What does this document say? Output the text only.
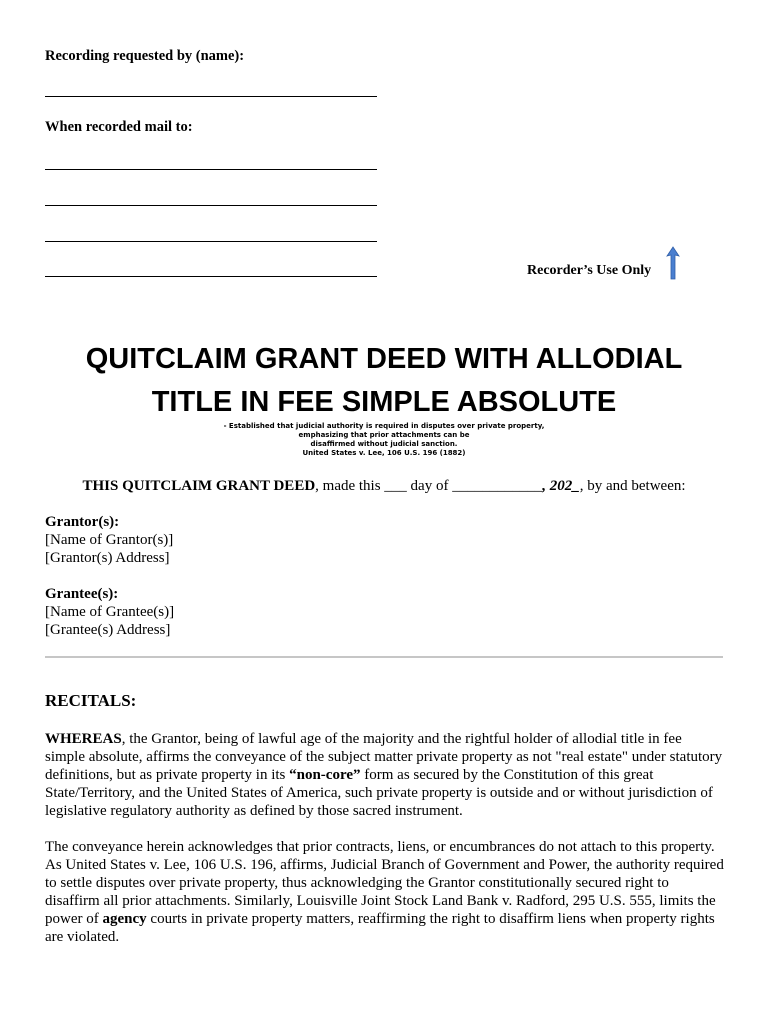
Recording requested by (name):
When recorded mail to:
Recorder’s Use Only
QUITCLAIM GRANT DEED WITH ALLODIAL
TITLE IN FEE SIMPLE ABSOLUTE
- Established that judicial authority is required in disputes over private property,
emphasizing that prior attachments can be
disaffirmed without judicial sanction.
United States v. Lee, 106 U.S. 196 (1882)
THIS QUITCLAIM GRANT DEED, made this ___ day of ____________, 202_, by and between:
Grantor(s):
[Name of Grantor(s)]
[Grantor(s) Address]
Grantee(s):
[Name of Grantee(s)]
[Grantee(s) Address]
RECITALS:
WHEREAS, the Grantor, being of lawful age of the majority and the rightful holder of allodial title in fee simple absolute, affirms the conveyance of the subject matter private property as not "real estate" under statutory definitions, but as private property in its “non-core” form as secured by the Constitution of this great State/Territory, and the United States of America, such private property is outside and or without jurisdiction of legislative regulatory authority as defined by those sacred instrument.
The conveyance herein acknowledges that prior contracts, liens, or encumbrances do not attach to this property. As United States v. Lee, 106 U.S. 196, affirms, Judicial Branch of Government and Power, the authority required to settle disputes over private property, thus acknowledging the Grantor constitutionally secured right to disaffirm all prior attachments. Similarly, Louisville Joint Stock Land Bank v. Radford, 295 U.S. 555, limits the power of agency courts in private property matters, reaffirming the right to disaffirm liens when property rights are violated.
